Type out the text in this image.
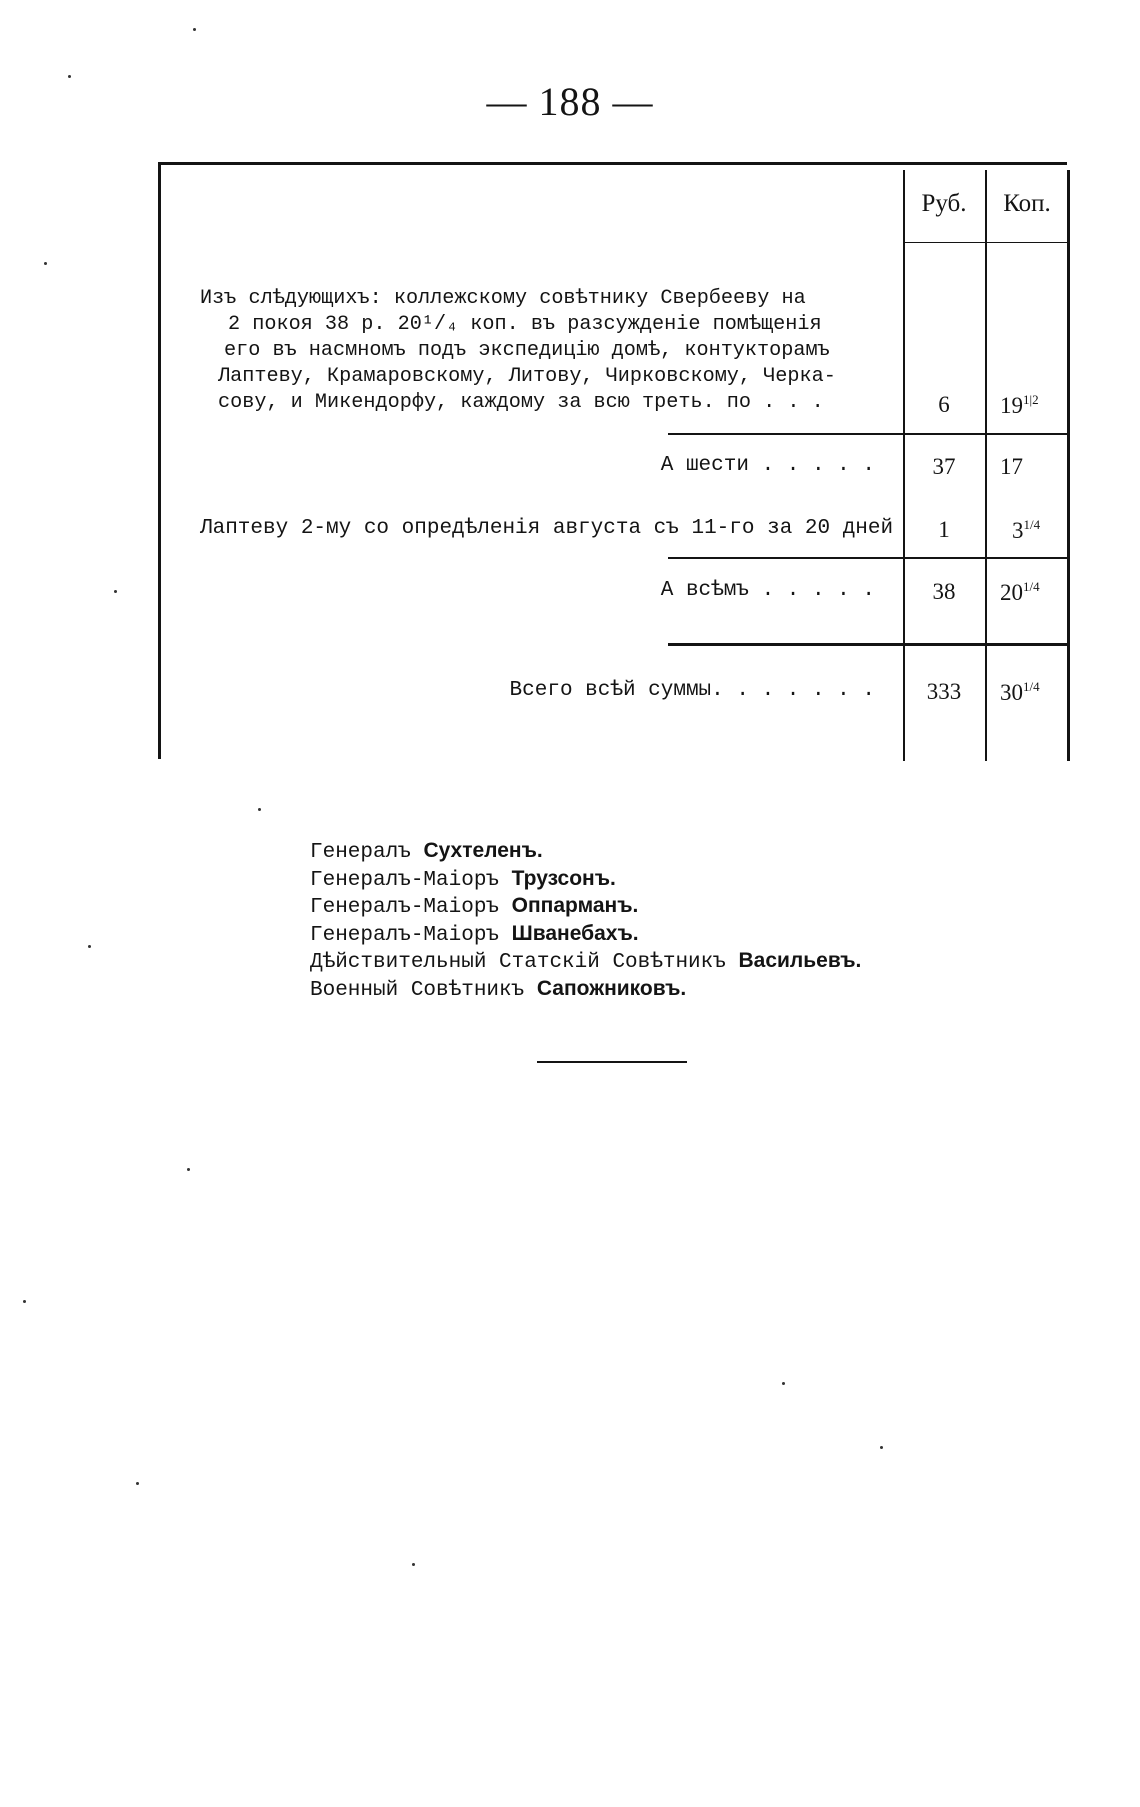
— 188 —
Руб.	Коп.
Изъ слѣдующихъ: коллежскому совѣтнику Свербееву на
2 покоя 38 р. 20¹/₄ коп. въ разсужденіе помѣщенія
его въ насмномъ подъ экспедицію домѣ, контукторамъ
Лаптеву, Крамаровскому, Литову, Чирковскому, Черка-
сову, и Микендорфу, каждому за всю треть. по . . .	6	$19^{1|2}$
А шести . . . . .	37	17
Лаптеву 2-му со опредѣленія августа съ 11-го за 20 дней	1	$3^{1/4}$
А всѣмъ . . . . .	38	$20^{1/4}$
Всего всѣй суммы. . . . . . .	333	$30^{1/4}$
Генералъ Сухтеленъ.
Генералъ-Маіоръ Трузсонъ.
Генералъ-Маіоръ Оппарманъ.
Генералъ-Маіоръ Шванебахъ.
Дѣйствительный Статскій Совѣтникъ Васильевъ.
Военный Совѣтникъ Сапожниковъ.
